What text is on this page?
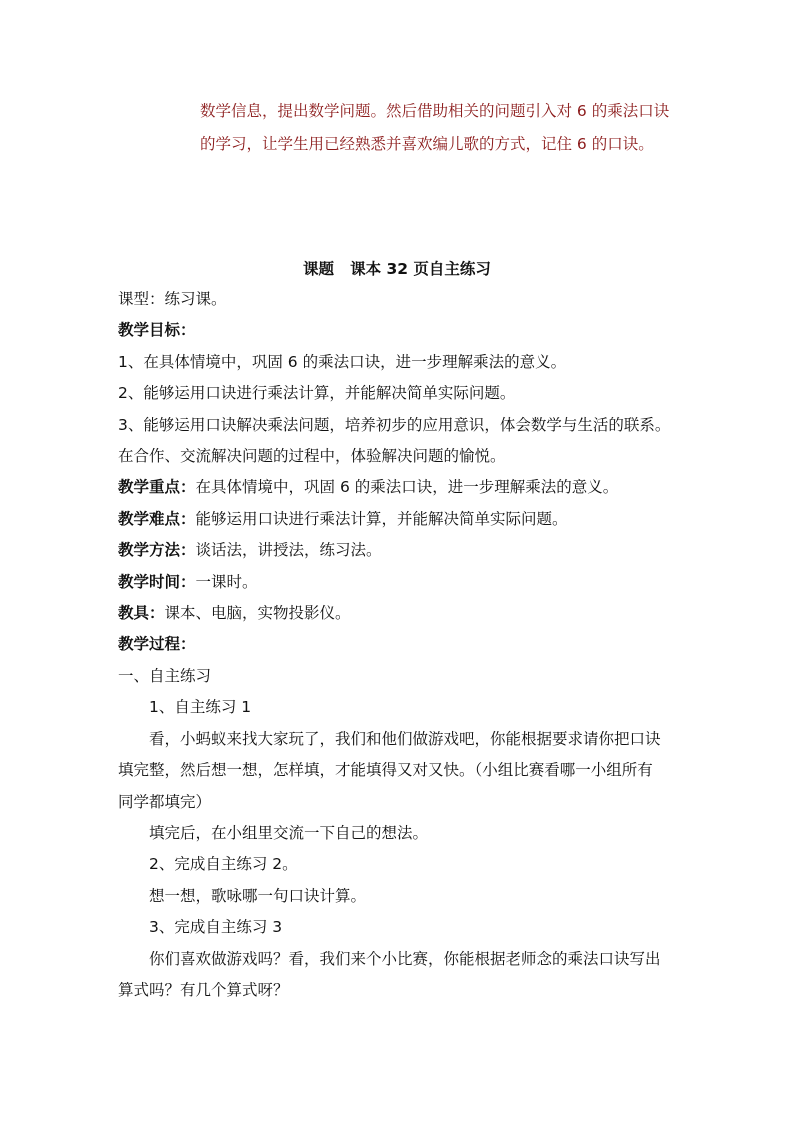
数学信息，提出数学问题。然后借助相关的问题引入对 6 的乘法口诀

的学习，让学生用已经熟悉并喜欢编儿歌的方式，记住 6 的口诀。

课题 课本 32 页自主练习

课型：练习课。

教学目标：

1、在具体情境中，巩固 6 的乘法口诀，进一步理解乘法的意义。

2、能够运用口诀进行乘法计算，并能解决简单实际问题。

3、能够运用口诀解决乘法问题，培养初步的应用意识，体会数学与生活的联系。

在合作、交流解决问题的过程中，体验解决问题的愉悦。

教学重点：在具体情境中，巩固 6 的乘法口诀，进一步理解乘法的意义。

教学难点：能够运用口诀进行乘法计算，并能解决简单实际问题。

教学方法：谈话法，讲授法，练习法。

教学时间：一课时。

教具：课本、电脑，实物投影仪。

教学过程：

一、自主练习

1、自主练习 1

看，小蚂蚁来找大家玩了，我们和他们做游戏吧，你能根据要求请你把口诀

填完整，然后想一想，怎样填，才能填得又对又快。（小组比赛看哪一小组所有

同学都填完）

填完后，在小组里交流一下自己的想法。

2、完成自主练习 2。

想一想，歌咏哪一句口诀计算。

3、完成自主练习 3

你们喜欢做游戏吗？看，我们来个小比赛，你能根据老师念的乘法口诀写出

算式吗？有几个算式呀？
